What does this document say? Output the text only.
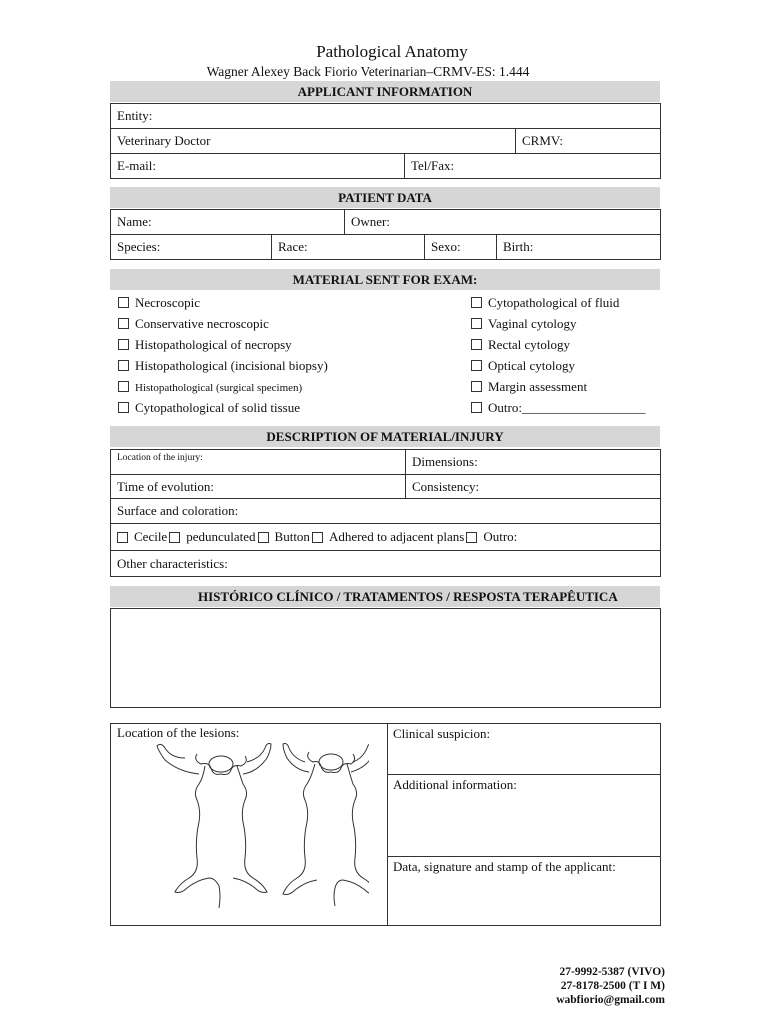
Pathological Anatomy
Wagner Alexey Back Fiorio Veterinarian–CRMV-ES: 1.444
APPLICANT INFORMATION
Entity:
Veterinary Doctor	CRMV:
E-mail:	Tel/Fax:
PATIENT DATA
Name:	Owner:
Species:	Race:	Sexo:	Birth:
MATERIAL SENT FOR EXAM:
Necroscopic
Conservative necroscopic
Histopathological of necropsy
Histopathological (incisional biopsy)
Histopathological (surgical specimen)
Cytopathological of solid tissue
Cytopathological of fluid
Vaginal cytology
Rectal cytology
Optical cytology
Margin assessment
Outro:___________________
DESCRIPTION OF MATERIAL/INJURY
Location of the injury:	Dimensions:
Time of evolution:	Consistency:
Surface and coloration:
Cecile pedunculated Button Adhered to adjacent plans Outro:
Other characteristics:
HISTÓRICO CLÍNICO / TRATAMENTOS / RESPOSTA TERAPÊUTICA
Location of the lesions:	Clinical suspicion:
Additional information:
Data, signature and stamp of the applicant:
27-9992-5387 (VIVO)
27-8178-2500 (T I M)
wabfiorio@gmail.com
